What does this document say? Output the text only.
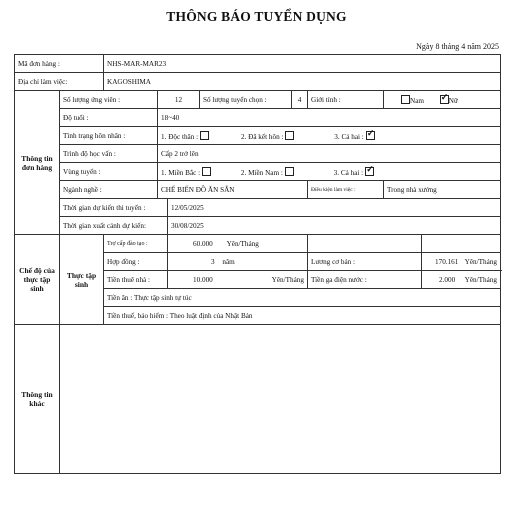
THÔNG BÁO TUYỂN DỤNG
Ngày 8 tháng 4 năm 2025
Mã đơn hàng :		NHS-MAR-MAR23							
Địa chỉ làm việc:		KAGOSHIMA							
Thông tin đơn hàng	Số lượng ứng viên :		12		Số lượng tuyển chọn :	4	Giới tính :	Nam ✓ Nữ
	Độ tuổi :		18~40						
	Tình trạng hôn nhân :		1. Độc thân : 2. Đã kết hôn : 3. Cả hai :✓
	Trình độ học vấn :		Cấp 2 trở lên						
	Vùng tuyển :		1. Miền Bắc : 2. Miền Nam : 3. Cả hai :✓
	Ngành nghề :		CHẾ BIẾN ĐỒ ĂN SẴN				Điều kiện làm việc :	Trong nhà xưởng	
	Thời gian dự kiến thi tuyển :			12/05/2025					
	Thời gian xuất cảnh dự kiến:			30/08/2025					
Chế độ của thực tập sinh	Thực tập sinh	Trợ cấp đào tạo :		60.000 Yên/Tháng					
		Hợp đồng :		3 năm			Lương cơ bản :		170.161 Yên/Tháng

		Tiền thuê nhà :		10.000 Yên/Tháng			Tiền ga điện nước :		2.000 Yên/Tháng

		Tiền ăn : Thực tập sinh tự túc							
		Tiền thuế, bảo hiểm : Theo luật định của Nhật Bản							
Thông tin khác									
